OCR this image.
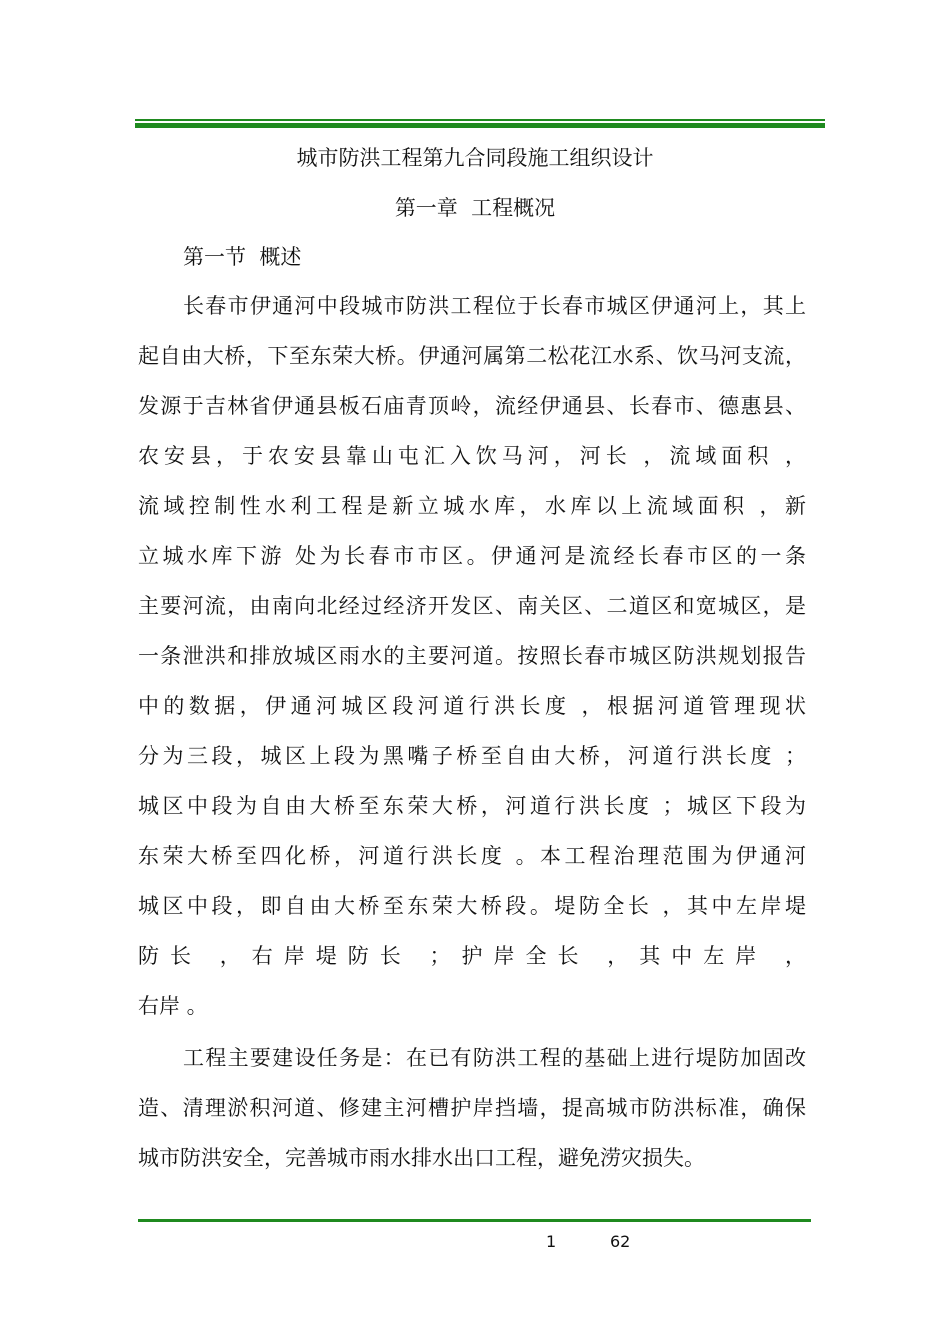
城市防洪工程第九合同段施工组织设计
第一章  工程概况
第一节  概述
长春市伊通河中段城市防洪工程位于长春市城区伊通河上，其上
起自由大桥，下至东荣大桥。伊通河属第二松花江水系、饮马河支流，
发源于吉林省伊通县板石庙青顶岭，流经伊通县、长春市、德惠县、
农安县，于农安县靠山屯汇入饮马河，河长 ，流域面积 ，
流域控制性水利工程是新立城水库，水库以上流域面积 ，新
立城水库下游 处为长春市市区。伊通河是流经长春市区的一条
主要河流，由南向北经过经济开发区、南关区、二道区和宽城区，是
一条泄洪和排放城区雨水的主要河道。按照长春市城区防洪规划报告
中的数据，伊通河城区段河道行洪长度 ，根据河道管理现状
分为三段，城区上段为黑嘴子桥至自由大桥，河道行洪长度 ；
城区中段为自由大桥至东荣大桥，河道行洪长度 ；城区下段为
东荣大桥至四化桥，河道行洪长度 。本工程治理范围为伊通河
城区中段，即自由大桥至东荣大桥段。堤防全长 ，其中左岸堤
防长 ，右岸堤防长 ；护岸全长 ，其中左岸 ，
右岸 。
工程主要建设任务是：在已有防洪工程的基础上进行堤防加固改
造、清理淤积河道、修建主河槽护岸挡墙，提高城市防洪标准，确保
城市防洪安全，完善城市雨水排水出口工程，避免涝灾损失。
1	62
